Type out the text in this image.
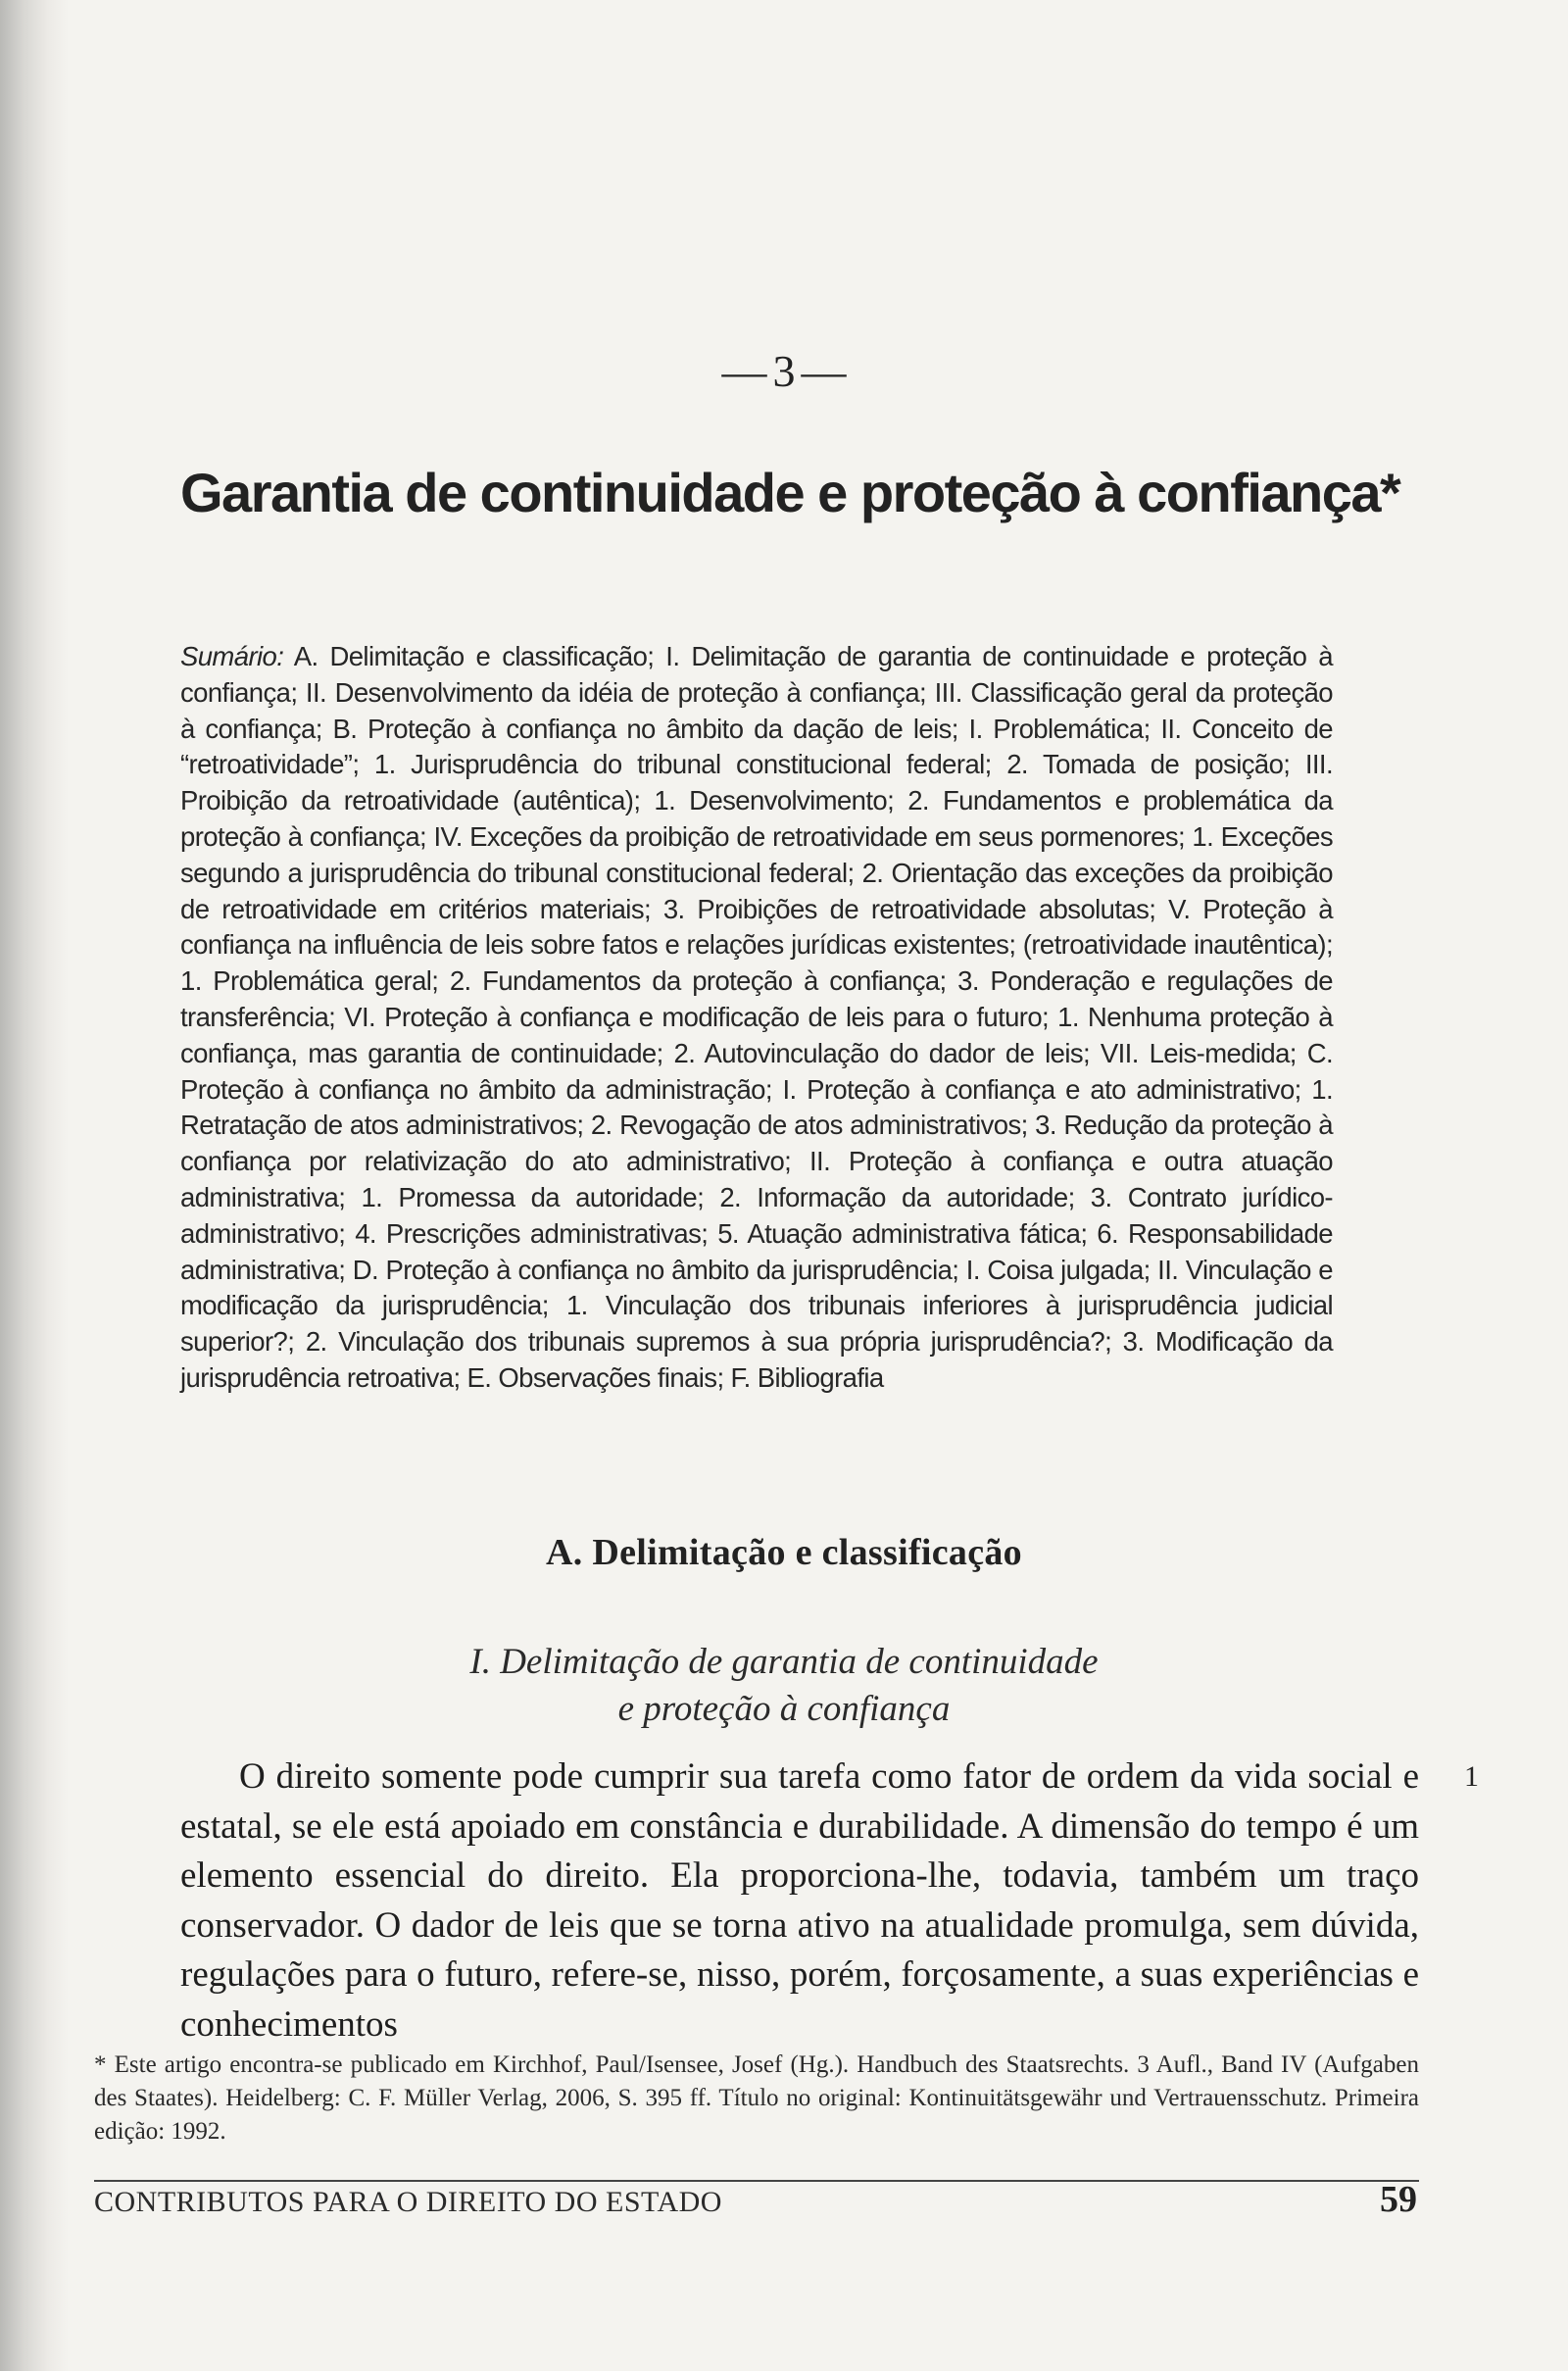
— 3 —
Garantia de continuidade e proteção à confiança*
Sumário: A. Delimitação e classificação; I. Delimitação de garantia de continuidade e proteção à confiança; II. Desenvolvimento da idéia de proteção à confiança; III. Classificação geral da proteção à confiança; B. Proteção à confiança no âmbito da dação de leis; I. Problemática; II. Conceito de “retroatividade”; 1. Jurisprudência do tribunal constitucional federal; 2. Tomada de posição; III. Proibição da retroatividade (autêntica); 1. Desenvolvimento; 2. Fundamentos e problemática da proteção à confiança; IV. Exceções da proibição de retroatividade em seus pormenores; 1. Exceções segundo a jurisprudência do tribunal constitucional federal; 2. Orientação das exceções da proibição de retroatividade em critérios materiais; 3. Proibições de retroatividade absolutas; V. Proteção à confiança na influência de leis sobre fatos e relações jurídicas existentes; (retroatividade inautêntica); 1. Problemática geral; 2. Fundamentos da proteção à confiança; 3. Ponderação e regulações de transferência; VI. Proteção à confiança e modificação de leis para o futuro; 1. Nenhuma proteção à confiança, mas garantia de continuidade; 2. Autovinculação do dador de leis; VII. Leis-medida; C. Proteção à confiança no âmbito da administração; I. Proteção à confiança e ato administrativo; 1. Retratação de atos administrativos; 2. Revogação de atos administrativos; 3. Redução da proteção à confiança por relativização do ato administrativo; II. Proteção à confiança e outra atuação administrativa; 1. Promessa da autoridade; 2. Informação da autoridade; 3. Contrato jurídico-administrativo; 4. Prescrições administrativas; 5. Atuação administrativa fática; 6. Responsabilidade administrativa; D. Proteção à confiança no âmbito da jurisprudência; I. Coisa julgada; II. Vinculação e modificação da jurisprudência; 1. Vinculação dos tribunais inferiores à jurisprudência judicial superior?; 2. Vinculação dos tribunais supremos à sua própria jurisprudência?; 3. Modificação da jurisprudência retroativa; E. Observações finais; F. Bibliografia
A. Delimitação e classificação
I. Delimitação de garantia de continuidade
e proteção à confiança
1
O direito somente pode cumprir sua tarefa como fator de ordem da vida social e estatal, se ele está apoiado em constância e durabilidade. A dimensão do tempo é um elemento essencial do direito. Ela proporciona-lhe, todavia, também um traço conservador. O dador de leis que se torna ativo na atualidade promulga, sem dúvida, regulações para o futuro, refere-se, nisso, porém, forçosamente, a suas experiências e conhecimentos
* Este artigo encontra-se publicado em Kirchhof, Paul/Isensee, Josef (Hg.). Handbuch des Staatsrechts. 3 Aufl., Band IV (Aufgaben des Staates). Heidelberg: C. F. Müller Verlag, 2006, S. 395 ff. Título no original: Kontinuitätsgewähr und Vertrauensschutz. Primeira edição: 1992.
CONTRIBUTOS PARA O DIREITO DO ESTADO	59
